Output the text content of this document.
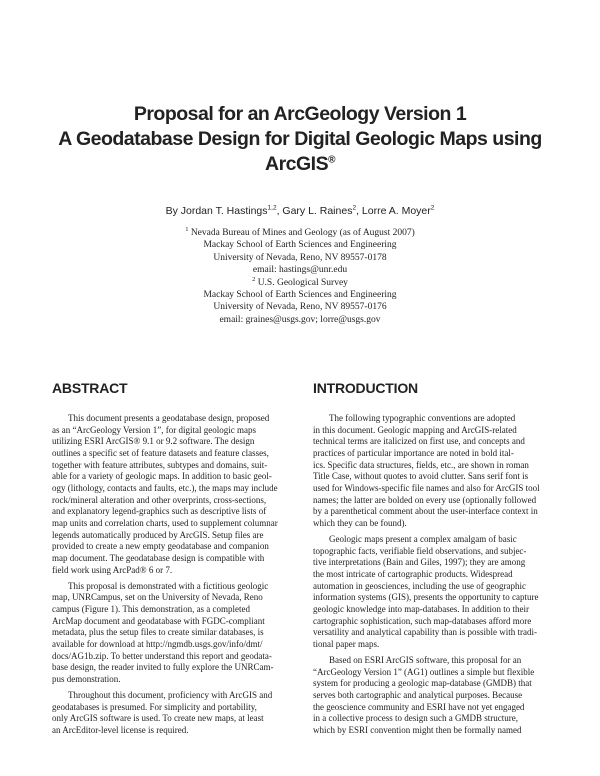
Proposal for an ArcGeology Version 1
A Geodatabase Design for Digital Geologic Maps using
ArcGIS®
By Jordan T. Hastings$^{1,2}$, Gary L. Raines$^2$, Lorre A. Moyer$^2$
$^1$ Nevada Bureau of Mines and Geology (as of August 2007)
Mackay School of Earth Sciences and Engineering
University of Nevada, Reno, NV 89557-0178
email: hastings@unr.edu
$^2$ U.S. Geological Survey
Mackay School of Earth Sciences and Engineering
University of Nevada, Reno, NV 89557-0176
email: graines@usgs.gov; lorre@usgs.gov
ABSTRACT
This document presents a geodatabase design, proposed
as an “ArcGeology Version 1”, for digital geologic maps
utilizing ESRI ArcGIS® 9.1 or 9.2 software. The design
outlines a specific set of feature datasets and feature classes,
together with feature attributes, subtypes and domains, suit-
able for a variety of geologic maps. In addition to basic geol-
ogy (lithology, contacts and faults, etc.), the maps may include
rock/mineral alteration and other overprints, cross-sections,
and explanatory legend-graphics such as descriptive lists of
map units and correlation charts, used to supplement columnar
legends automatically produced by ArcGIS. Setup files are
provided to create a new empty geodatabase and companion
map document. The geodatabase design is compatible with
field work using ArcPad® 6 or 7.
This proposal is demonstrated with a fictitious geologic
map, UNRCampus, set on the University of Nevada, Reno
campus (Figure 1). This demonstration, as a completed
ArcMap document and geodatabase with FGDC-compliant
metadata, plus the setup files to create similar databases, is
available for download at http://ngmdb.usgs.gov/info/dmt/
docs/AG1b.zip. To better understand this report and geodata-
base design, the reader invited to fully explore the UNRCam-
pus demonstration.
Throughout this document, proficiency with ArcGIS and
geodatabases is presumed. For simplicity and portability,
only ArcGIS software is used. To create new maps, at least
an ArcEditor-level license is required.
INTRODUCTION
The following typographic conventions are adopted
in this document. Geologic mapping and ArcGIS-related
technical terms are italicized on first use, and concepts and
practices of particular importance are noted in bold ital-
ics. Specific data structures, fields, etc., are shown in roman
Title Case, without quotes to avoid clutter. Sans serif font is
used for Windows-specific file names and also for ArcGIS tool
names; the latter are bolded on every use (optionally followed
by a parenthetical comment about the user-interface context in
which they can be found).
Geologic maps present a complex amalgam of basic
topographic facts, verifiable field observations, and subjec-
tive interpretations (Bain and Giles, 1997); they are among
the most intricate of cartographic products. Widespread
automation in geosciences, including the use of geographic
information systems (GIS), presents the opportunity to capture
geologic knowledge into map-databases. In addition to their
cartographic sophistication, such map-databases afford more
versatility and analytical capability than is possible with tradi-
tional paper maps.
Based on ESRI ArcGIS software, this proposal for an
“ArcGeology Version 1” (AG1) outlines a simple but flexible
system for producing a geologic map-database (GMDB) that
serves both cartographic and analytical purposes. Because
the geoscience community and ESRI have not yet engaged
in a collective process to design such a GMDB structure,
which by ESRI convention might then be formally named
